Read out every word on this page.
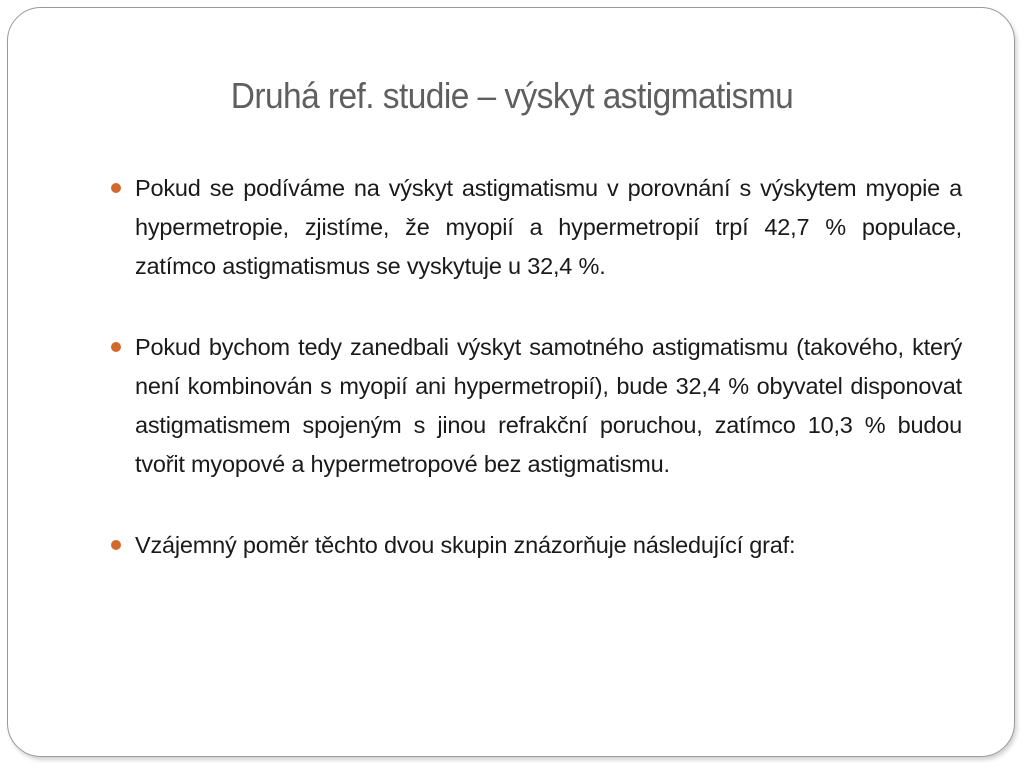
Druhá ref. studie – výskyt astigmatismu
Pokud se podíváme na výskyt astigmatismu v porovnání s výskytem myopie a hypermetropie, zjistíme, že myopií a hypermetropií trpí 42,7 % populace, zatímco astigmatismus se vyskytuje u 32,4 %.
Pokud bychom tedy zanedbali výskyt samotného astigmatismu (takového, který není kombinován s myopií ani hypermetropií), bude 32,4 % obyvatel disponovat astigmatismem spojeným s jinou refrakční poruchou, zatímco 10,3 % budou tvořit myopové a hypermetropové bez astigmatismu.
Vzájemný poměr těchto dvou skupin znázorňuje následující graf:
